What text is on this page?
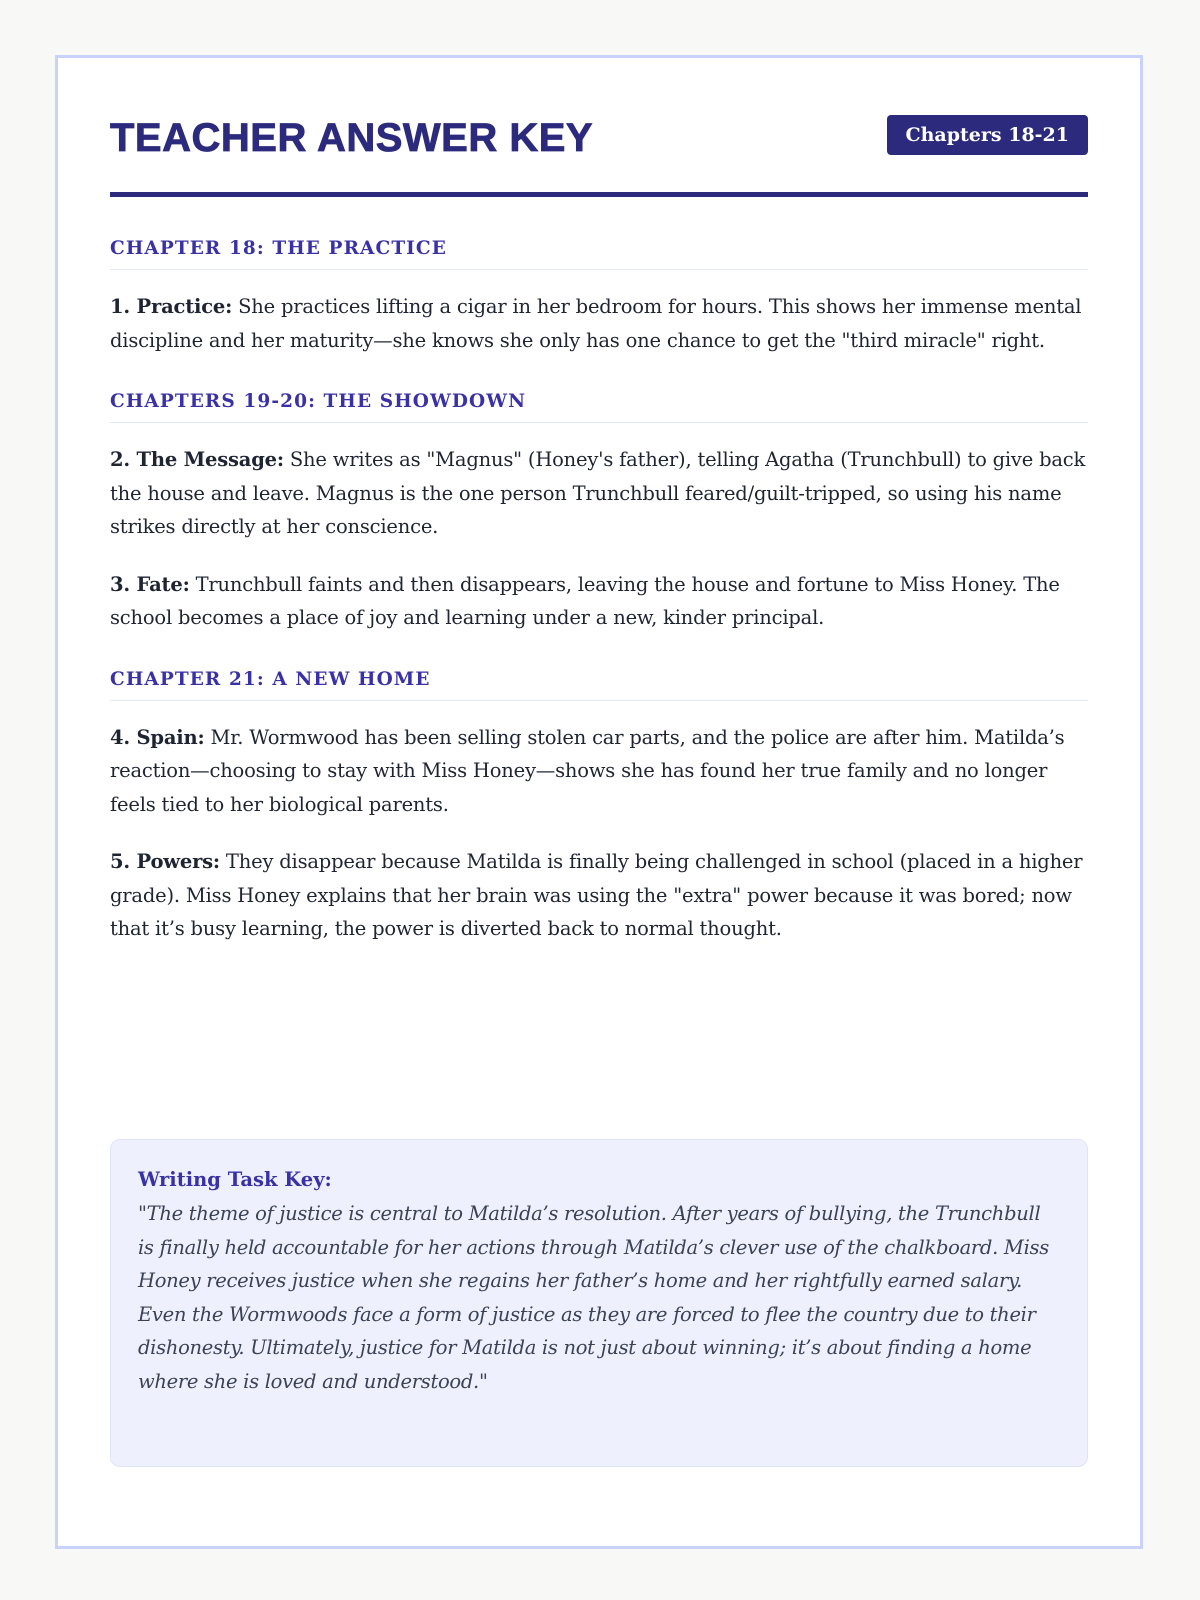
TEACHER ANSWER KEY	Chapters 18-21
CHAPTER 18: THE PRACTICE

1. Practice: She practices lifting a cigar in her bedroom for hours. This shows her immense mental discipline and her maturity—she knows she only has one chance to get the "third miracle" right.

CHAPTERS 19-20: THE SHOWDOWN

2. The Message: She writes as "Magnus" (Honey's father), telling Agatha (Trunchbull) to give back the house and leave. Magnus is the one person Trunchbull feared/guilt-tripped, so using his name strikes directly at her conscience.

3. Fate: Trunchbull faints and then disappears, leaving the house and fortune to Miss Honey. The school becomes a place of joy and learning under a new, kinder principal.

CHAPTER 21: A NEW HOME

4. Spain: Mr. Wormwood has been selling stolen car parts, and the police are after him. Matilda’s reaction—choosing to stay with Miss Honey—shows she has found her true family and no longer feels tied to her biological parents.

5. Powers: They disappear because Matilda is finally being challenged in school (placed in a higher grade). Miss Honey explains that her brain was using the "extra" power because it was bored; now that it’s busy learning, the power is diverted back to normal thought.

Writing Task Key:

"The theme of justice is central to Matilda’s resolution. After years of bullying, the Trunchbull is finally held accountable for her actions through Matilda’s clever use of the chalkboard. Miss Honey receives justice when she regains her father’s home and her rightfully earned salary. Even the Wormwoods face a form of justice as they are forced to flee the country due to their dishonesty. Ultimately, justice for Matilda is not just about winning; it’s about finding a home where she is loved and understood."
